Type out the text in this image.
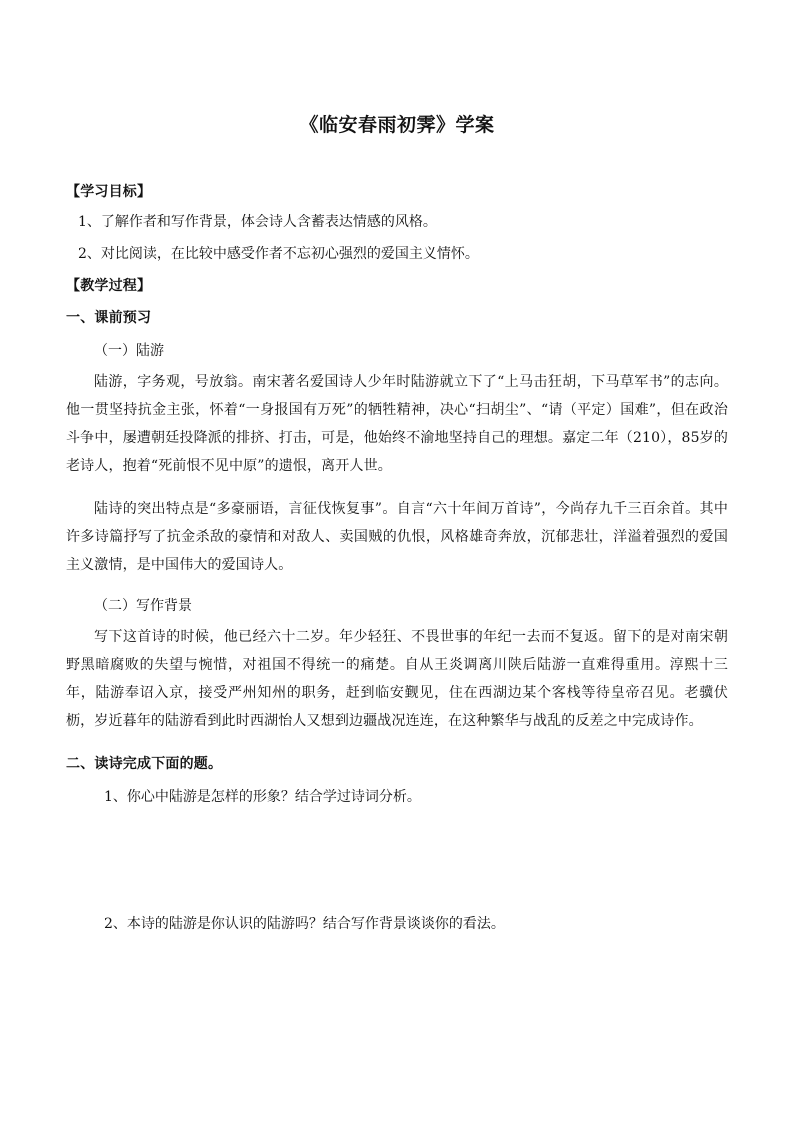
《临安春雨初霁》学案
【学习目标】
1、了解作者和写作背景，体会诗人含蓄表达情感的风格。
2、对比阅读，在比较中感受作者不忘初心强烈的爱国主义情怀。
【教学过程】
一、课前预习
（一）陆游
陆游，字务观，号放翁。南宋著名爱国诗人少年时陆游就立下了“上马击狂胡，下马草军书”的志向。他一贯坚持抗金主张，怀着“一身报国有万死”的牺牲精神，决心“扫胡尘”、“请（平定）国难”，但在政治斗争中，屡遭朝廷投降派的排挤、打击，可是，他始终不渝地坚持自己的理想。嘉定二年（210），85岁的老诗人，抱着“死前恨不见中原”的遗恨，离开人世。
陆诗的突出特点是“多豪丽语，言征伐恢复事”。自言“六十年间万首诗”，今尚存九千三百余首。其中许多诗篇抒写了抗金杀敌的豪情和对敌人、卖国贼的仇恨，风格雄奇奔放，沉郁悲壮，洋溢着强烈的爱国主义激情，是中国伟大的爱国诗人。
（二）写作背景
写下这首诗的时候，他已经六十二岁。年少轻狂、不畏世事的年纪一去而不复返。留下的是对南宋朝野黑暗腐败的失望与惋惜，对祖国不得统一的痛楚。自从王炎调离川陕后陆游一直难得重用。淳熙十三年，陆游奉诏入京，接受严州知州的职务，赶到临安觐见，住在西湖边某个客栈等待皇帝召见。老骥伏枥，岁近暮年的陆游看到此时西湖怡人又想到边疆战况连连，在这种繁华与战乱的反差之中完成诗作。
二、读诗完成下面的题。
1、你心中陆游是怎样的形象？结合学过诗词分析。
2、本诗的陆游是你认识的陆游吗？结合写作背景谈谈你的看法。
